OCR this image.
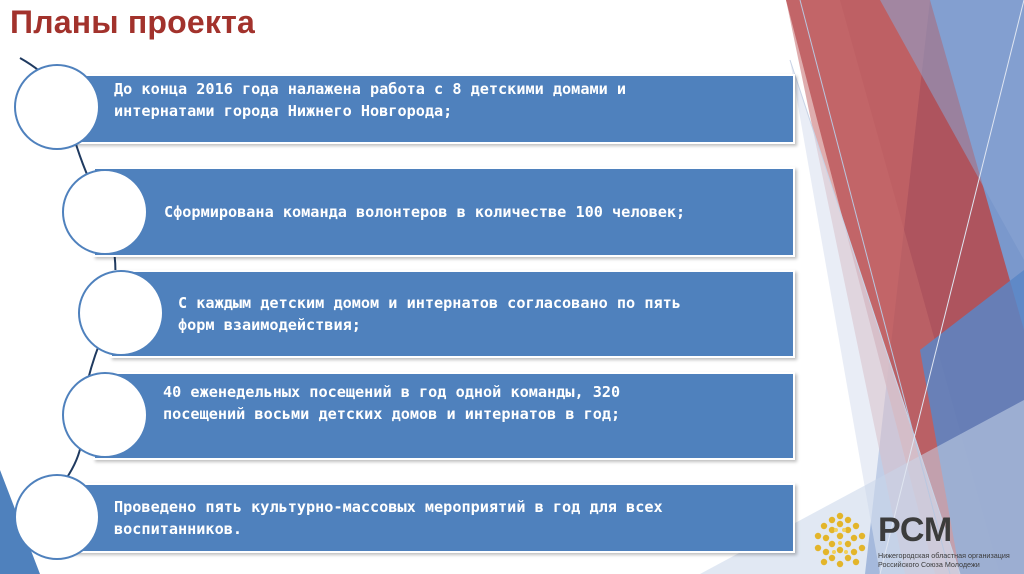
Планы проекта
До конца 2016 года налажена работа с 8 детскими домами и
интернатами города Нижнего Новгорода;
Сформирована команда волонтеров в количестве 100 человек;
С каждым детским домом и интернатов согласовано по пять
форм взаимодействия;
40 еженедельных посещений в год одной команды, 320
посещений восьми детских домов и интернатов в год;
Проведено пять культурно-массовых мероприятий в год для всех
воспитанников.	РСМ
Нижегородская областная организация
Российского Союза Молодежи
